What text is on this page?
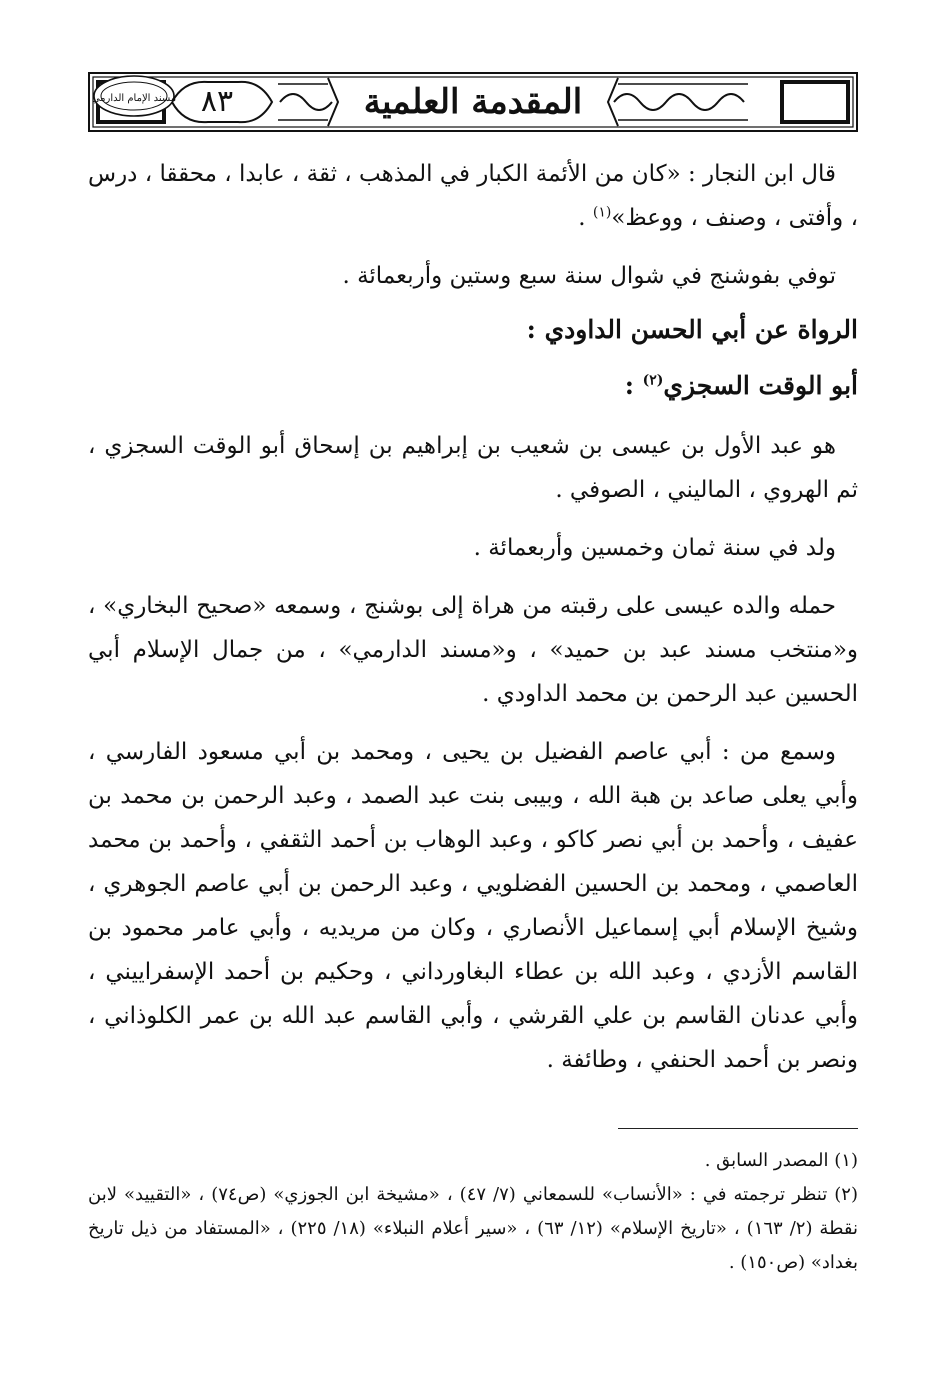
٨٣	المقدمة العلمية
مسند الإمام الدارمي

قال ابن النجار : «كان من الأئمة الكبار في المذهب ، ثقة ، عابدا ، محققا ، درس ، وأفتى ، وصنف ، ووعظ»$^{(١)}$ .

توفي بفوشنج في شوال سنة سبع وستين وأربعمائة .

الرواة عن أبي الحسن الداودي :

أبو الوقت السجزي$^{(٢)}$ :

هو عبد الأول بن عيسى بن شعيب بن إبراهيم بن إسحاق أبو الوقت السجزي ، ثم الهروي ، الماليني ، الصوفي .

ولد في سنة ثمان وخمسين وأربعمائة .

حمله والده عيسى على رقبته من هراة إلى بوشنج ، وسمعه «صحيح البخاري» ، و«منتخب مسند عبد بن حميد» ، و«مسند الدارمي» ، من جمال الإسلام أبي الحسين عبد الرحمن بن محمد الداودي .

وسمع من : أبي عاصم الفضيل بن يحيى ، ومحمد بن أبي مسعود الفارسي ، وأبي يعلى صاعد بن هبة الله ، وبيبى بنت عبد الصمد ، وعبد الرحمن بن محمد بن عفيف ، وأحمد بن أبي نصر كاكو ، وعبد الوهاب بن أحمد الثقفي ، وأحمد بن محمد العاصمي ، ومحمد بن الحسين الفضلويي ، وعبد الرحمن بن أبي عاصم الجوهري ، وشيخ الإسلام أبي إسماعيل الأنصاري ، وكان من مريديه ، وأبي عامر محمود بن القاسم الأزدي ، وعبد الله بن عطاء البغاورداني ، وحكيم بن أحمد الإسفراييني ، وأبي عدنان القاسم بن علي القرشي ، وأبي القاسم عبد الله بن عمر الكلوذاني ، ونصر بن أحمد الحنفي ، وطائفة .

(١) المصدر السابق .

(٢) تنظر ترجمته في : «الأنساب» للسمعاني (٧/ ٤٧) ، «مشيخة ابن الجوزي» (ص٧٤) ، «التقييد» لابن نقطة (٢/ ١٦٣) ، «تاريخ الإسلام» (١٢/ ٦٣) ، «سير أعلام النبلاء» (١٨/ ٢٢٥) ، «المستفاد من ذيل تاريخ بغداد» (ص١٥٠) .
